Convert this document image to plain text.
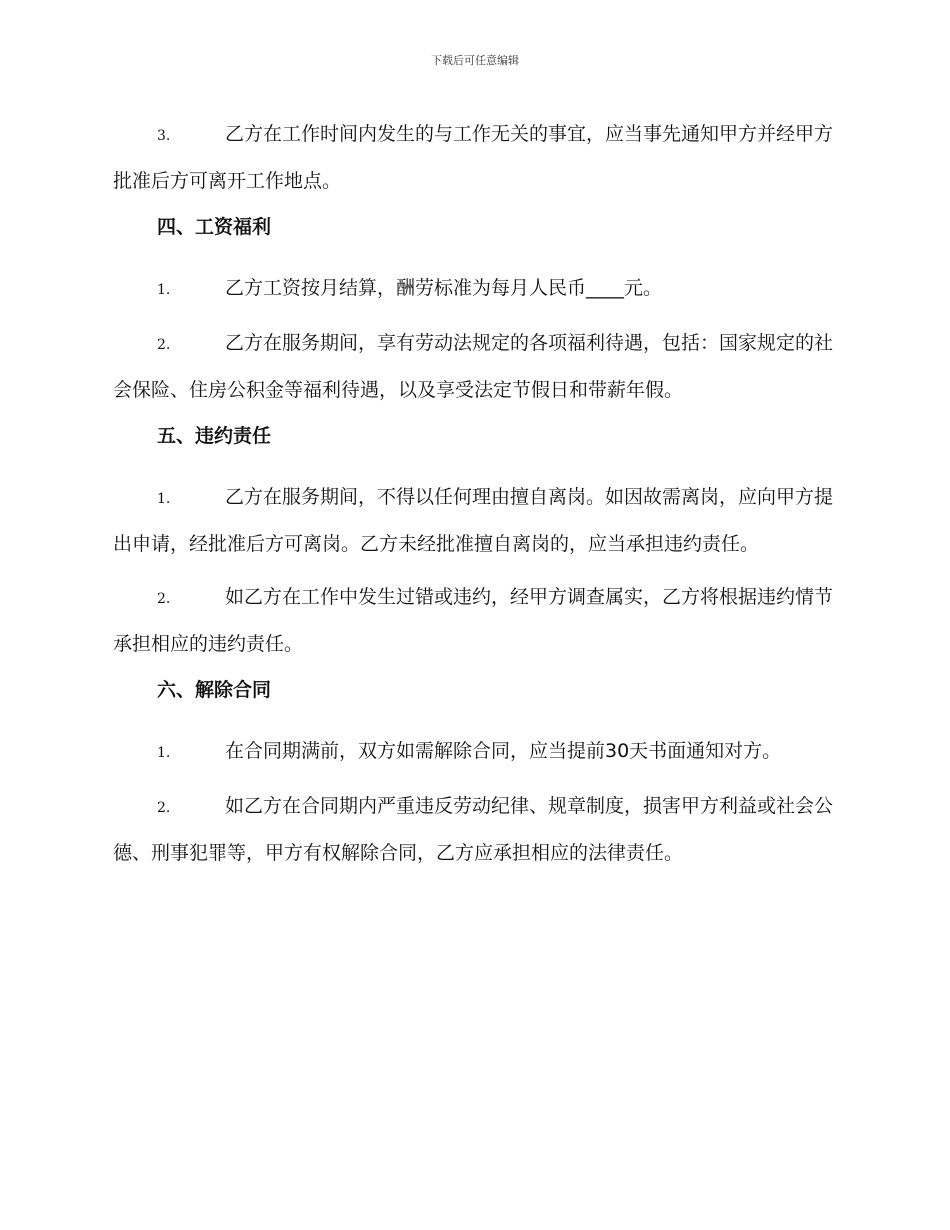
下载后可任意编辑
3.	乙方在工作时间内发生的与工作无关的事宜，应当事先通知甲方并经甲方批准后方可离开工作地点。
四、工资福利
1.	乙方工资按月结算，酬劳标准为每月人民币____元。
2.	乙方在服务期间，享有劳动法规定的各项福利待遇，包括：国家规定的社会保险、住房公积金等福利待遇，以及享受法定节假日和带薪年假。
五、违约责任
1.	乙方在服务期间，不得以任何理由擅自离岗。如因故需离岗，应向甲方提出申请，经批准后方可离岗。乙方未经批准擅自离岗的，应当承担违约责任。
2.	如乙方在工作中发生过错或违约，经甲方调查属实，乙方将根据违约情节承担相应的违约责任。
六、解除合同
1.	在合同期满前，双方如需解除合同，应当提前30天书面通知对方。
2.	如乙方在合同期内严重违反劳动纪律、规章制度，损害甲方利益或社会公德、刑事犯罪等，甲方有权解除合同，乙方应承担相应的法律责任。
